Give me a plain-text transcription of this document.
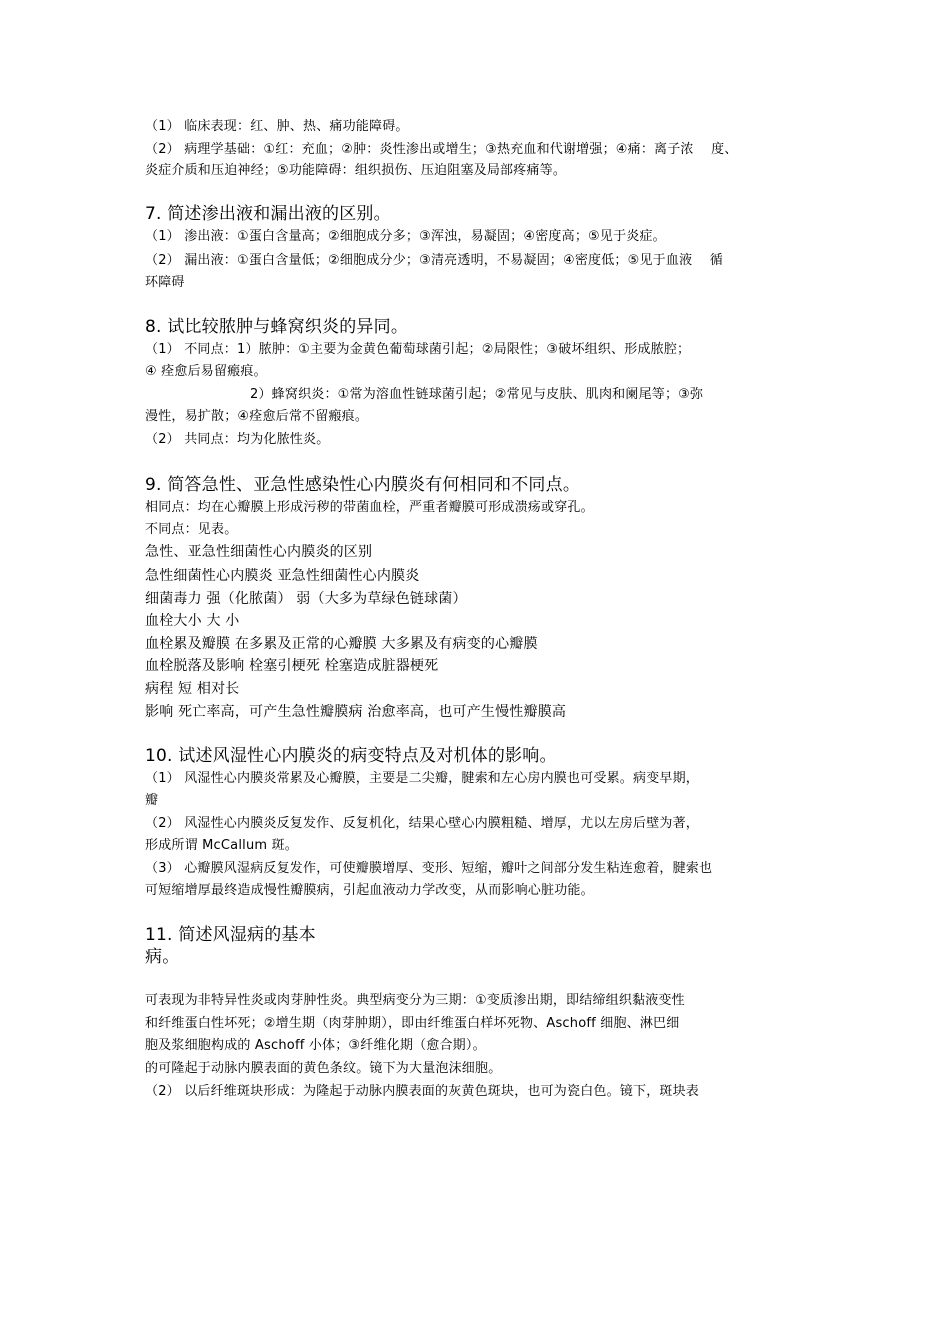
（1） 临床表现：红、肿、热、痛功能障碍。
（2） 病理学基础：①红：充血；②肿：炎性渗出或增生；③热充血和代谢增强；④痛：离子浓　 度、
炎症介质和压迫神经；⑤功能障碍：组织损伤、压迫阻塞及局部疼痛等。
7. 简述渗出液和漏出液的区别。
（1） 渗出液：①蛋白含量高；②细胞成分多；③浑浊，易凝固；④密度高；⑤见于炎症。
（2） 漏出液：①蛋白含量低；②细胞成分少；③清亮透明，不易凝固；④密度低；⑤见于血液　 循
环障碍
8. 试比较脓肿与蜂窝织炎的异同。
（1） 不同点：1）脓肿：①主要为金黄色葡萄球菌引起；②局限性；③破坏组织、形成脓腔；
④ 痊愈后易留瘢痕。
2）蜂窝织炎：①常为溶血性链球菌引起；②常见与皮肤、肌肉和阑尾等；③弥
漫性，易扩散；④痊愈后常不留瘢痕。
（2） 共同点：均为化脓性炎。
9. 简答急性、亚急性感染性心内膜炎有何相同和不同点。
相同点：均在心瓣膜上形成污秽的带菌血栓，严重者瓣膜可形成溃疡或穿孔。
不同点：见表。
急性、亚急性细菌性心内膜炎的区别
急性细菌性心内膜炎 亚急性细菌性心内膜炎
细菌毒力 强（化脓菌） 弱（大多为草绿色链球菌）
血栓大小 大 小
血栓累及瓣膜 在多累及正常的心瓣膜 大多累及有病变的心瓣膜
血栓脱落及影响 栓塞引梗死 栓塞造成脏器梗死
病程 短 相对长
影响 死亡率高，可产生急性瓣膜病 治愈率高，也可产生慢性瓣膜高
10. 试述风湿性心内膜炎的病变特点及对机体的影响。
（1） 风湿性心内膜炎常累及心瓣膜，主要是二尖瓣，腱索和左心房内膜也可受累。病变早期，
瓣
（2） 风湿性心内膜炎反复发作、反复机化，结果心壁心内膜粗糙、增厚，尤以左房后壁为著，
形成所谓 McCallum 斑。
（3） 心瓣膜风湿病反复发作，可使瓣膜增厚、变形、短缩，瓣叶之间部分发生粘连愈着，腱索也
可短缩增厚最终造成慢性瓣膜病，引起血液动力学改变，从而影响心脏功能。
11. 简述风湿病的基本
病。
可表现为非特异性炎或肉芽肿性炎。典型病变分为三期：①变质渗出期，即结缔组织黏液变性
和纤维蛋白性坏死；②增生期（肉芽肿期），即由纤维蛋白样坏死物、Aschoff 细胞、淋巴细
胞及浆细胞构成的 Aschoff 小体；③纤维化期（愈合期）。
的可隆起于动脉内膜表面的黄色条纹。镜下为大量泡沫细胞。
（2） 以后纤维斑块形成：为隆起于动脉内膜表面的灰黄色斑块，也可为瓷白色。镜下，斑块表
